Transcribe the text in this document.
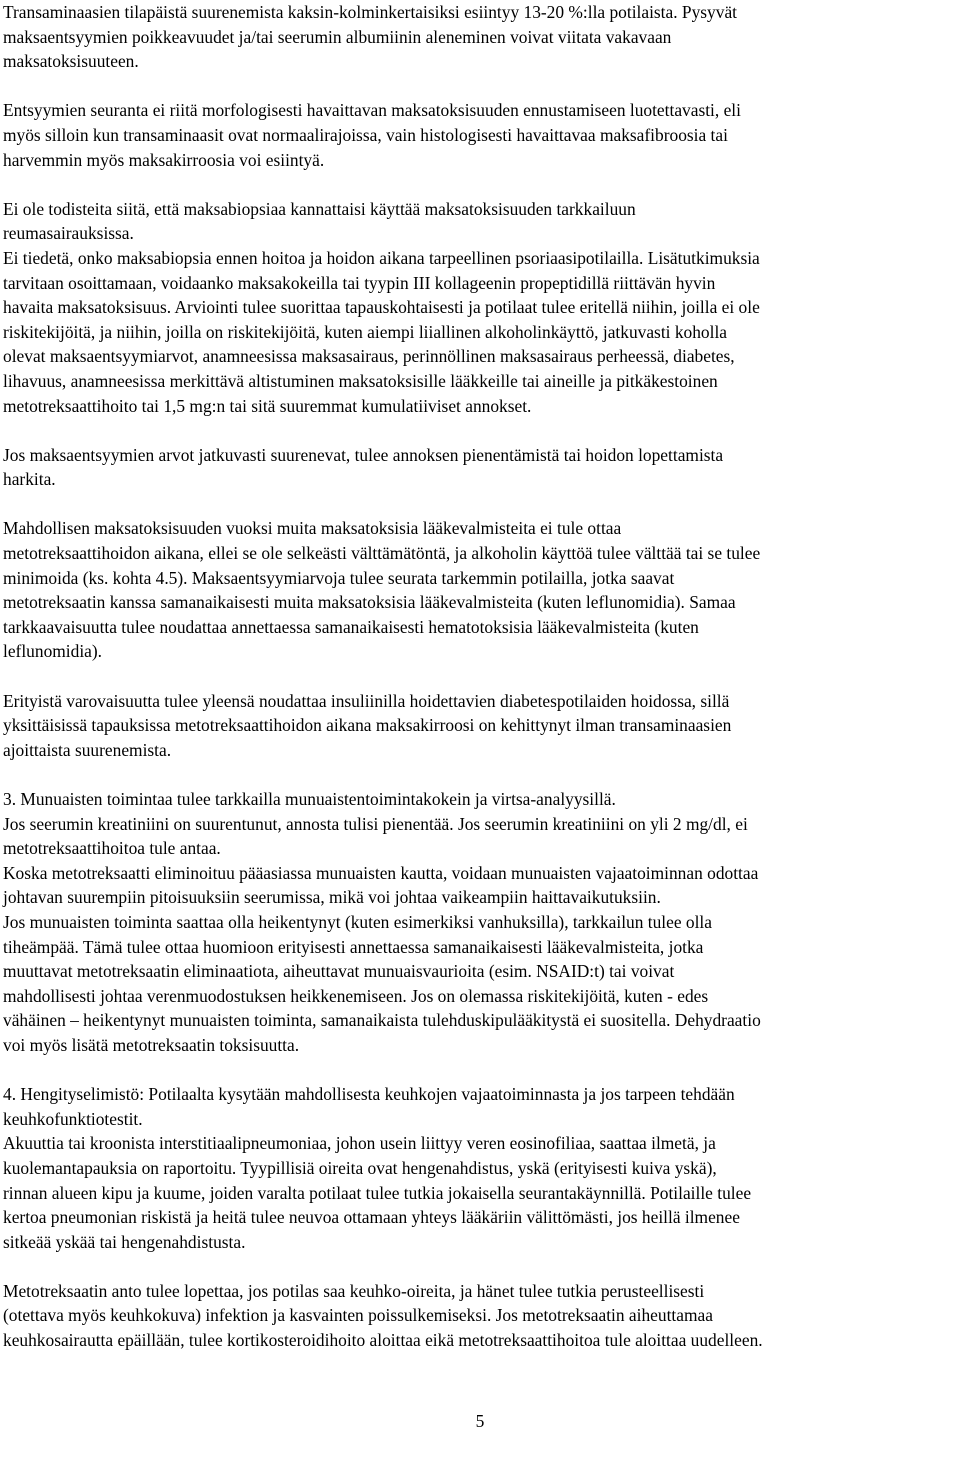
Transaminaasien tilapäistä suurenemista kaksin-kolminkertaisiksi esiintyy 13-20 %:lla potilaista. Pysyvät
maksaentsyymien poikkeavuudet ja/tai seerumin albumiinin aleneminen voivat viitata vakavaan
maksatoksisuuteen.

Entsyymien seuranta ei riitä morfologisesti havaittavan maksatoksisuuden ennustamiseen luotettavasti, eli
myös silloin kun transaminaasit ovat normaalirajoissa, vain histologisesti havaittavaa maksafibroosia tai
harvemmin myös maksakirroosia voi esiintyä.

Ei ole todisteita siitä, että maksabiopsiaa kannattaisi käyttää maksatoksisuuden tarkkailuun
reumasairauksissa.
Ei tiedetä, onko maksabiopsia ennen hoitoa ja hoidon aikana tarpeellinen psoriaasipotilailla. Lisätutkimuksia
tarvitaan osoittamaan, voidaanko maksakokeilla tai tyypin III kollageenin propeptidillä riittävän hyvin
havaita maksatoksisuus. Arviointi tulee suorittaa tapauskohtaisesti ja potilaat tulee eritellä niihin, joilla ei ole
riskitekijöitä, ja niihin, joilla on riskitekijöitä, kuten aiempi liiallinen alkoholinkäyttö, jatkuvasti koholla
olevat maksaentsyymiarvot, anamneesissa maksasairaus, perinnöllinen maksasairaus perheessä, diabetes,
lihavuus, anamneesissa merkittävä altistuminen maksatoksisille lääkkeille tai aineille ja pitkäkestoinen
metotreksaattihoito tai 1,5 mg:n tai sitä suuremmat kumulatiiviset annokset.

Jos maksaentsyymien arvot jatkuvasti suurenevat, tulee annoksen pienentämistä tai hoidon lopettamista
harkita.

Mahdollisen maksatoksisuuden vuoksi muita maksatoksisia lääkevalmisteita ei tule ottaa
metotreksaattihoidon aikana, ellei se ole selkeästi välttämätöntä, ja alkoholin käyttöä tulee välttää tai se tulee
minimoida (ks. kohta 4.5). Maksaentsyymiarvoja tulee seurata tarkemmin potilailla, jotka saavat
metotreksaatin kanssa samanaikaisesti muita maksatoksisia lääkevalmisteita (kuten leflunomidia). Samaa
tarkkaavaisuutta tulee noudattaa annettaessa samanaikaisesti hematotoksisia lääkevalmisteita (kuten
leflunomidia).

Erityistä varovaisuutta tulee yleensä noudattaa insuliinilla hoidettavien diabetespotilaiden hoidossa, sillä
yksittäisissä tapauksissa metotreksaattihoidon aikana maksakirroosi on kehittynyt ilman transaminaasien
ajoittaista suurenemista.

3. Munuaisten toimintaa tulee tarkkailla munuaistentoimintakokein ja virtsa-analyysillä.
Jos seerumin kreatiniini on suurentunut, annosta tulisi pienentää. Jos seerumin kreatiniini on yli 2 mg/dl, ei
metotreksaattihoitoa tule antaa.
Koska metotreksaatti eliminoituu pääasiassa munuaisten kautta, voidaan munuaisten vajaatoiminnan odottaa
johtavan suurempiin pitoisuuksiin seerumissa, mikä voi johtaa vaikeampiin haittavaikutuksiin.
Jos munuaisten toiminta saattaa olla heikentynyt (kuten esimerkiksi vanhuksilla), tarkkailun tulee olla
tiheämpää. Tämä tulee ottaa huomioon erityisesti annettaessa samanaikaisesti lääkevalmisteita, jotka
muuttavat metotreksaatin eliminaatiota, aiheuttavat munuaisvaurioita (esim. NSAID:t) tai voivat
mahdollisesti johtaa verenmuodostuksen heikkenemiseen. Jos on olemassa riskitekijöitä, kuten - edes
vähäinen – heikentynyt munuaisten toiminta, samanaikaista tulehduskipulääkitystä ei suositella. Dehydraatio
voi myös lisätä metotreksaatin toksisuutta.

4. Hengityselimistö: Potilaalta kysytään mahdollisesta keuhkojen vajaatoiminnasta ja jos tarpeen tehdään
keuhkofunktiotestit.
Akuuttia tai kroonista interstitiaalipneumoniaa, johon usein liittyy veren eosinofiliaa, saattaa ilmetä, ja
kuolemantapauksia on raportoitu. Tyypillisiä oireita ovat hengenahdistus, yskä (erityisesti kuiva yskä),
rinnan alueen kipu ja kuume, joiden varalta potilaat tulee tutkia jokaisella seurantakäynnillä. Potilaille tulee
kertoa pneumonian riskistä ja heitä tulee neuvoa ottamaan yhteys lääkäriin välittömästi, jos heillä ilmenee
sitkeää yskää tai hengenahdistusta.

Metotreksaatin anto tulee lopettaa, jos potilas saa keuhko-oireita, ja hänet tulee tutkia perusteellisesti
(otettava myös keuhkokuva) infektion ja kasvainten poissulkemiseksi. Jos metotreksaatin aiheuttamaa
keuhkosairautta epäillään, tulee kortikosteroidihoito aloittaa eikä metotreksaattihoitoa tule aloittaa uudelleen.

5
